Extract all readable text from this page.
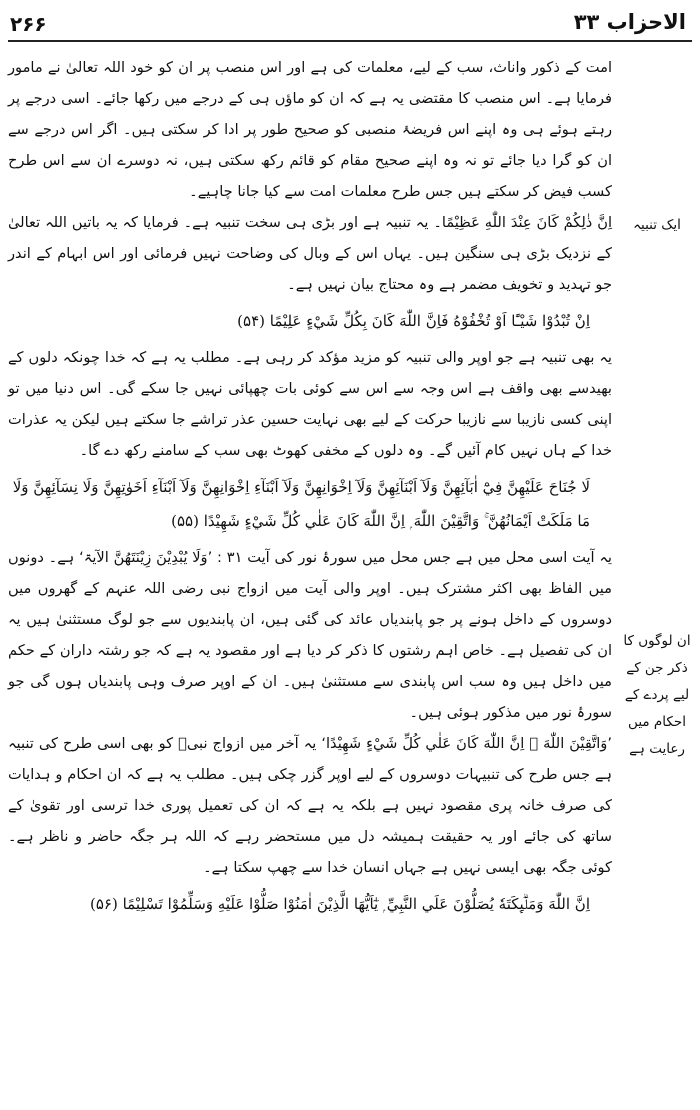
الاحزاب ۳۳
۲۶۶

امت کے ذکور واناث، سب کے لیے، معلمات کی ہے اور اس منصب پر ان کو خود اللہ تعالیٰ نے مامور فرمایا ہے۔ اس منصب کا مقتضی یہ ہے کہ ان کو ماؤں ہی کے درجے میں رکھا جائے۔ اسی درجے پر رہتے ہوئے ہی وہ اپنے اس فریضۂ منصبی کو صحیح طور پر ادا کر سکتی ہیں۔ اگر اس درجے سے ان کو گرا دیا جائے تو نہ وہ اپنے صحیح مقام کو قائم رکھ سکتی ہیں، نہ دوسرے ان سے اس طرح کسب فیض کر سکتے ہیں جس طرح معلمات امت سے کیا جانا چاہیے۔

اِنَّ ذٰلِكُمْ كَانَ عِنْدَ اللّٰهِ عَظِيْمًا۔ یہ تنبیہ ہے اور بڑی ہی سخت تنبیہ ہے۔ فرمایا کہ یہ باتیں اللہ تعالیٰ کے نزدیک بڑی ہی سنگین ہیں۔ یہاں اس کے وبال کی وضاحت نہیں فرمائی اور اس ابہام کے اندر جو تہدید و تخویف مضمر ہے وہ محتاج بیان نہیں ہے۔

اِنْ تُبْدُوْا شَيْـًٔا اَوْ تُخْفُوْهُ فَاِنَّ اللّٰهَ كَانَ بِكُلِّ شَيْءٍ عَلِيْمًا (۵۴)

یہ بھی تنبیہ ہے جو اوپر والی تنبیہ کو مزید مؤکد کر رہی ہے۔ مطلب یہ ہے کہ خدا چونکہ دلوں کے بھیدسے بھی واقف ہے اس وجہ سے اس سے کوئی بات چھپائی نہیں جا سکے گی۔ اس دنیا میں تو اپنی کسی نازیبا سے نازیبا حرکت کے لیے بھی نہایت حسین عذر تراشے جا سکتے ہیں لیکن یہ عذرات خدا کے ہاں نہیں کام آئیں گے۔ وہ دلوں کے مخفی کھوٹ بھی سب کے سامنے رکھ دے گا۔

لَا جُنَاحَ عَلَيْهِنَّ فِيْٓ اٰبَآئِهِنَّ وَلَآ اَبْنَآئِهِنَّ وَلَآ اِخْوَانِهِنَّ وَلَآ اَبْنَآءِ اِخْوَانِهِنَّ وَلَآ اَبْنَآءِ اَخَوٰتِهِنَّ وَلَا نِسَآئِهِنَّ وَلَا مَا مَلَكَتْ اَيْمَانُهُنَّ ۚ وَاتَّقِيْنَ اللّٰهَ ۭ اِنَّ اللّٰهَ كَانَ عَلٰي كُلِّ شَيْءٍ شَهِيْدًا (۵۵)

یہ آیت اسی محل میں ہے جس محل میں سورۂ نور کی آیت ۳۱ : ’وَلَا يُبْدِيْنَ زِيْنَتَهُنَّ الآیۃ‘ ہے۔ دونوں میں الفاظ بھی اکثر مشترک ہیں۔ اوپر والی آیت میں ازواج نبی رضی اللہ عنہم کے گھروں میں دوسروں کے داخل ہونے پر جو پابندیاں عائد کی گئی ہیں، ان پابندیوں سے جو لوگ مستثنیٰ ہیں یہ ان کی تفصیل ہے۔ خاص اہم رشتوں کا ذکر کر دیا ہے اور مقصود یہ ہے کہ جو رشتہ داران کے حکم میں داخل ہیں وہ سب اس پابندی سے مستثنیٰ ہیں۔ ان کے اوپر صرف وہی پابندیاں ہوں گی جو سورۂ نور میں مذکور ہوئی ہیں۔

’وَاتَّقِيْنَ اللّٰهَ ۭ اِنَّ اللّٰهَ كَانَ عَلٰي كُلِّ شَيْءٍ شَهِيْدًا‘ یہ آخر میں ازواج نبیؐ کو بھی اسی طرح کی تنبیہ ہے جس طرح کی تنبیہات دوسروں کے لیے اوپر گزر چکی ہیں۔ مطلب یہ ہے کہ ان احکام و ہدایات کی صرف خانہ پری مقصود نہیں ہے بلکہ یہ ہے کہ ان کی تعمیل پوری خدا ترسی اور تقویٰ کے ساتھ کی جائے اور یہ حقیقت ہمیشہ دل میں مستحضر رہے کہ اللہ ہر جگہ حاضر و ناظر ہے۔ کوئی جگہ بھی ایسی نہیں ہے جہاں انسان خدا سے چھپ سکتا ہے۔

اِنَّ اللّٰهَ وَمَلٰۗىِٕكَتَهٗ يُصَلُّوْنَ عَلَي النَّبِيِّ ۭ يٰٓاَيُّهَا الَّذِيْنَ اٰمَنُوْا صَلُّوْا عَلَيْهِ وَسَلِّمُوْا تَسْلِيْمًا (۵۶)

ایک تنبیہ
ان لوگوں کا ذکر جن کے لیے پردے کے احکام میں رعایت ہے
